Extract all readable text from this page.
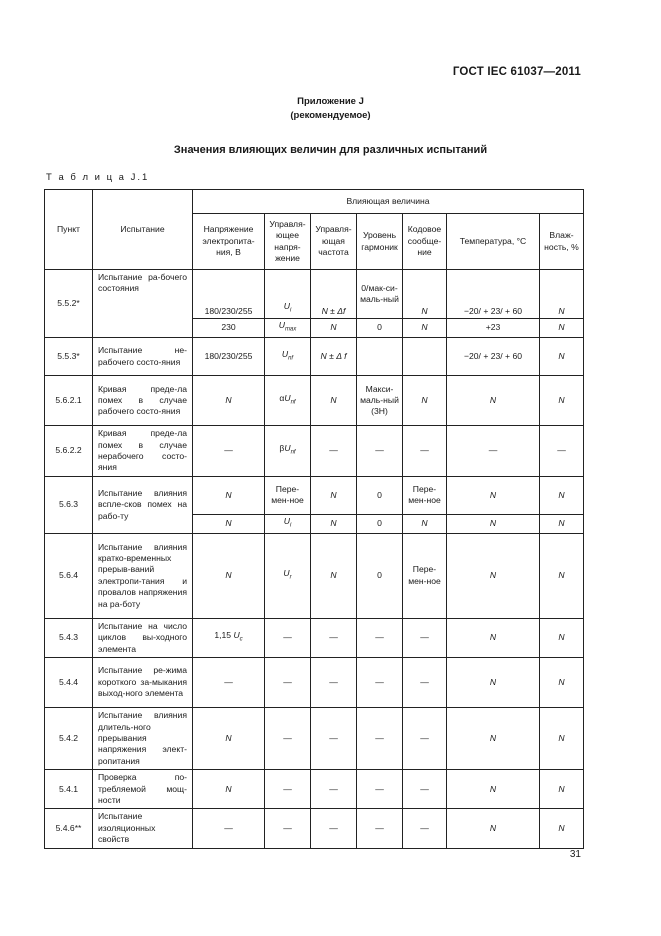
ГОСТ IEC 61037—2011
Приложение J
(рекомендуемое)
Значения влияющих величин для различных испытаний
Т а б л и ц а J.1
Пункт	Испытание	Влияющая величина						
		Напряжение электропита-ния, В	Управля-ющее напря-жение	Управля-ющая частота	Уровень гармоник	Кодовое сообще-ние	Температура, °С	Влаж-ность, %
5.5.2*	Испытание ра-бочего состояния	180/230/255	$U_i$	N ± Δf	0/мак-си-маль-ный	N	−20/ + 23/ + 60	N
		230	$U_{max}$	N	0	N	+23	N
5.5.3*	Испытание не-рабочего состо-яния	180/230/255	$U_{nf}$	N ± Δ f			−20/ + 23/ + 60	N
5.6.2.1	Кривая преде-ла помех в случае рабочего состо-яния	N	$\alpha U_{nf}$	N	Макси-маль-ный (3Н)	N	N	N
5.6.2.2	Кривая преде-ла помех в случае нерабочего состо-яния	—	$\beta U_{nf}$	—	—	—	—	—
5.6.3	Испытание влияния вспле-сков помех на рабо-ту	N	Пере-мен-ное	N	0	Пере-мен-ное	N	N
		N	$U_i$	N	0	N	N	N
5.6.4	Испытание влияния кратко-временных прерыв-ваний электропи-тания и провалов напряжения на ра-боту	N	$U_r$	N	0	Пере-мен-ное	N	N
5.4.3	Испытание на число циклов вы-ходного элемента	1,15 $U_c$	—	—	—	—	N	N
5.4.4	Испытание ре-жима короткого за-мыкания выход-ного элемента	—	—	—	—	—	N	N
5.4.2	Испытание влияния длитель-ного прерывания напряжения элект-ропитания	N	—	—	—	—	N	N
5.4.1	Проверка по-требляемой мощ-ности	N	—	—	—	—	N	N
5.4.6**	Испытание изоляционных свойств	—	—	—	—	—	N	N
31
